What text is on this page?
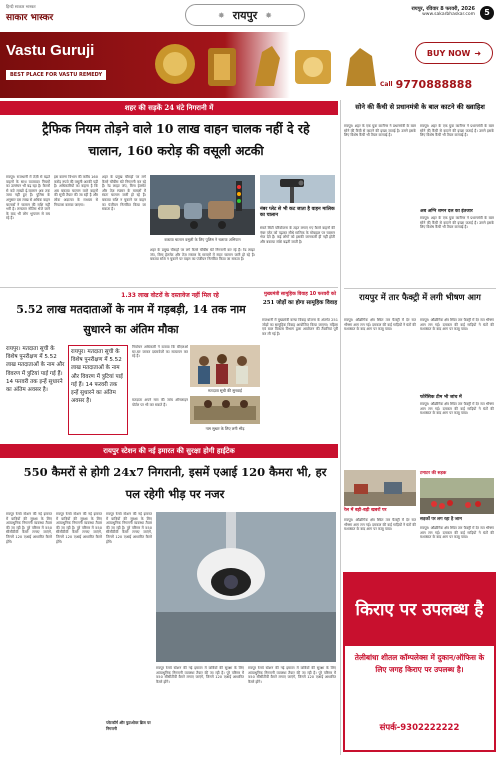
हिन्दी साकार भास्कर
साकार भास्कर	✸ रायपुर ✸
रायपुर, रविवार 8 फरवरी, 2026
www.sakarbhaskar.com	5
Vastu Guruji
BEST PLACE FOR VASTU REMEDY
BUY NOW ➜
Call 9770888888
शहर की सड़कें 24 घंटे निगरानी में
ट्रैफिक नियम तोड़ने वाले 10 लाख वाहन चालक नहीं दे रहे चालान, 160 करोड़ की वसूली अटकी
रायपुर। राजधानी में तेज़ी से बढ़ते वाहनों के साथ यातायात नियमों का उल्लंघन भी बढ़ रहा है। कैमरों से कटे लाखों ई-चालान अब तक जमा नहीं हुए हैं। पुलिस के अनुसार दस लाख से अधिक वाहन चालकों ने चालान की राशि नहीं भरी है। लगातार नोटिस भेजे जाने के बाद भी लोग भुगतान से बच रहे हैं।
इस कारण विभाग की करीब 160 करोड़ रुपये की वसूली अटकी पड़ी है। अधिकारियों का कहना है कि अब बकाया चालान वाले वाहनों की सूची तैयार की जा रही है और लोक अदालत के माध्यम से निपटारा कराया जाएगा।
शहर के प्रमुख चौराहों पर लगे कैमरे चौबीस घंटे निगरानी कर रहे हैं। रेड लाइट जंप, बिना हेलमेट और तेज़ रफ्तार के मामलों में स्वतः चालान जारी हो रहे हैं। बकाया राशि न चुकाने पर वाहन का पंजीयन निलंबित किया जा सकता है।
बकाया चालान वसूली के लिए पुलिस ने चलाया अभियान
शहर के प्रमुख चौराहों पर लगे कैमरे चौबीस घंटे निगरानी कर रहे हैं। रेड लाइट जंप, बिना हेलमेट और तेज़ रफ्तार के मामलों में स्वतः चालान जारी हो रहे हैं। बकाया राशि न चुकाने पर वाहन का पंजीयन निलंबित किया जा सकता है।
नंबर प्लेट से भी कट जाता है वाहन मालिक का चालान
स्मार्ट सिटी परियोजना के तहत लगाए गए कैमरे वाहनों की नंबर प्लेट को पढ़कर सीधे मालिक के मोबाइल पर चालान भेज देते हैं। कई लोगों को इसकी जानकारी ही नहीं होती और बकाया राशि बढ़ती जाती है।
1.33 लाख वोटरों के दस्तावेज नहीं मिल रहे
5.52 लाख मतदाताओं के नाम में गड़बड़ी, 14 तक नाम सुधारने का अंतिम मौका
रायपुर। मतदाता सूची के विशेष पुनरीक्षण में 5.52 लाख मतदाताओं के नाम और विवरण में त्रुटियां पाई गई हैं। 14 फरवरी तक इन्हें सुधारने का अंतिम अवसर है।
रायपुर। मतदाता सूची के विशेष पुनरीक्षण में 5.52 लाख मतदाताओं के नाम और विवरण में त्रुटियां पाई गई हैं। 14 फरवरी तक इन्हें सुधारने का अंतिम अवसर है।
निर्वाचन अधिकारी ने बताया कि बीएलओ घर-घर जाकर दस्तावेजों का सत्यापन कर रहे हैं।
मतदाता अपने नाम की जांच ऑनलाइन पोर्टल पर भी कर सकते हैं।
मतदाता सूची की सुनवाई
नाम सुधार के लिए लगी भीड़
मुख्यमंत्री सामूहिक विवाह 10 फरवरी को
251 जोड़ों का होगा सामूहिक विवाह
राजधानी में मुख्यमंत्री कन्या विवाह योजना के अंतर्गत 251 जोड़ों का सामूहिक विवाह आयोजित किया जाएगा। महिला एवं बाल विकास विभाग द्वारा आयोजन की तैयारियां पूरी कर ली गई हैं।
रायपुर स्टेशन की नई इमारत की सुरक्षा होगी हाईटेक
550 कैमरों से होगी 24x7 निगरानी, इसमें एआई 120 कैमरा भी, हर पल रहेगी भीड़ पर नजर
रायपुर रेलवे स्टेशन की नई इमारत में यात्रियों की सुरक्षा के लिए अत्याधुनिक निगरानी व्यवस्था तैयार की जा रही है। पूरे परिसर में 550 सीसीटीवी कैमरे लगाए जाएंगे, जिनमें 120 एआई आधारित कैमरे होंगे।
रायपुर रेलवे स्टेशन की नई इमारत में यात्रियों की सुरक्षा के लिए अत्याधुनिक निगरानी व्यवस्था तैयार की जा रही है। पूरे परिसर में 550 सीसीटीवी कैमरे लगाए जाएंगे, जिनमें 120 एआई आधारित कैमरे होंगे।
रायपुर रेलवे स्टेशन की नई इमारत में यात्रियों की सुरक्षा के लिए अत्याधुनिक निगरानी व्यवस्था तैयार की जा रही है। पूरे परिसर में 550 सीसीटीवी कैमरे लगाए जाएंगे, जिनमें 120 एआई आधारित कैमरे होंगे।
प्लेटफॉर्म और फुटओवर ब्रिज पर निगरानी
रायपुर रेलवे स्टेशन की नई इमारत में यात्रियों की सुरक्षा के लिए अत्याधुनिक निगरानी व्यवस्था तैयार की जा रही है। पूरे परिसर में 550 सीसीटीवी कैमरे लगाए जाएंगे, जिनमें 120 एआई आधारित कैमरे होंगे।
रायपुर रेलवे स्टेशन की नई इमारत में यात्रियों की सुरक्षा के लिए अत्याधुनिक निगरानी व्यवस्था तैयार की जा रही है। पूरे परिसर में 550 सीसीटीवी कैमरे लगाए जाएंगे, जिनमें 120 एआई आधारित कैमरे होंगे।
सोने की कैंची से प्रधानमंत्री के बाल काटने की ख्वाहिश
रायपुर। शहर के एक युवा कारीगर ने प्रधानमंत्री के बाल सोने की कैंची से काटने की इच्छा जताई है। उसने इसके लिए विशेष कैंची भी तैयार करवाई है।
रायपुर। शहर के एक युवा कारीगर ने प्रधानमंत्री के बाल सोने की कैंची से काटने की इच्छा जताई है। उसने इसके लिए विशेष कैंची भी तैयार करवाई है।
अब अग्नि शमन दल का इंतजार
रायपुर। शहर के एक युवा कारीगर ने प्रधानमंत्री के बाल सोने की कैंची से काटने की इच्छा जताई है। उसने इसके लिए विशेष कैंची भी तैयार करवाई है।
रायपुर में तार फैक्ट्री में लगी भीषण आग
रायपुर। औद्योगिक क्षेत्र स्थित तार फैक्ट्री में देर रात भीषण आग लग गई। दमकल की कई गाड़ियों ने घंटों की मशक्कत के बाद आग पर काबू पाया।
रायपुर। औद्योगिक क्षेत्र स्थित तार फैक्ट्री में देर रात भीषण आग लग गई। दमकल की कई गाड़ियों ने घंटों की मशक्कत के बाद आग पर काबू पाया।
फोरेंसिक टीम भी जांच में
रायपुर। औद्योगिक क्षेत्र स्थित तार फैक्ट्री में देर रात भीषण आग लग गई। दमकल की कई गाड़ियों ने घंटों की मशक्कत के बाद आग पर काबू पाया।
रेल में बड़ी-बड़ी खबरों पर
रायपुर। औद्योगिक क्षेत्र स्थित तार फैक्ट्री में देर रात भीषण आग लग गई। दमकल की कई गाड़ियों ने घंटों की मशक्कत के बाद आग पर काबू पाया।
टमाटर की सड़क
सड़कों पर लग रहा है जाम
रायपुर। औद्योगिक क्षेत्र स्थित तार फैक्ट्री में देर रात भीषण आग लग गई। दमकल की कई गाड़ियों ने घंटों की मशक्कत के बाद आग पर काबू पाया।
किराए पर उपलब्ध है
तेलीबांधा शीतल कॉम्पलेक्स में दुकान/ऑफिस के लिए जगह किराए पर उपलब्ध है।
संपर्क-9302222222
